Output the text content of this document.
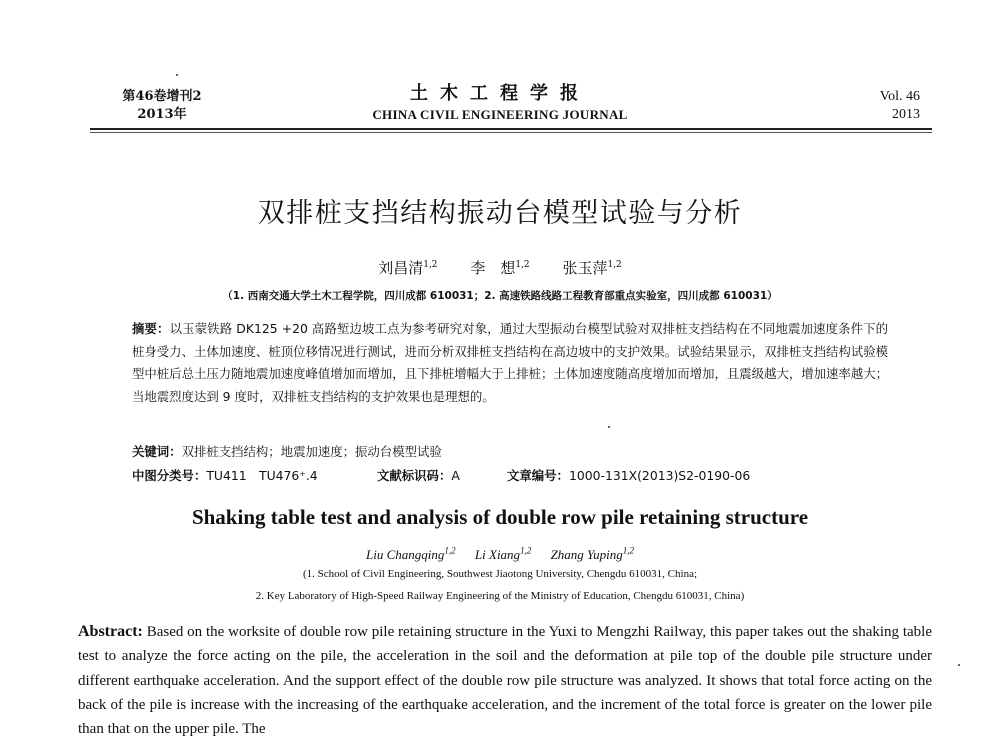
第46卷增刊2
2013年
土木工程学报
CHINA CIVIL ENGINEERING JOURNAL
Vol. 46
2013
双排桩支挡结构振动台模型试验与分析
刘昌清$^{1,2}$ 李　想$^{1,2}$ 张玉萍$^{1,2}$
（1. 西南交通大学土木工程学院，四川成都 610031；2. 高速铁路线路工程教育部重点实验室，四川成都 610031）
摘要：以玉蒙铁路 DK125 +20 高路堑边坡工点为参考研究对象，通过大型振动台模型试验对双排桩支挡结构在不同地震加速度条件下的桩身受力、土体加速度、桩顶位移情况进行测试，进而分析双排桩支挡结构在高边坡中的支护效果。试验结果显示，双排桩支挡结构试验模型中桩后总土压力随地震加速度峰值增加而增加，且下排桩增幅大于上排桩；土体加速度随高度增加而增加，且震级越大，增加速率越大；当地震烈度达到 9 度时，双排桩支挡结构的支护效果也是理想的。
关键词：双排桩支挡结构；地震加速度；振动台模型试验
中图分类号：TU411　TU476⁺.4	文献标识码：A	文章编号：1000-131X(2013)S2-0190-06
Shaking table test and analysis of double row pile retaining structure
Liu Changqing$^{1,2}$ Li Xiang$^{1,2}$ Zhang Yuping$^{1,2}$
(1. School of Civil Engineering, Southwest Jiaotong University, Chengdu 610031, China;
2. Key Laboratory of High-Speed Railway Engineering of the Ministry of Education, Chengdu 610031, China)
Abstract: Based on the worksite of double row pile retaining structure in the Yuxi to Mengzhi Railway, this paper takes out the shaking table test to analyze the force acting on the pile, the acceleration in the soil and the deformation at pile top of the double pile structure under different earthquake acceleration. And the support effect of the double row pile structure was analyzed. It shows that total force acting on the back of the pile is increase with the increasing of the earthquake acceleration, and the increment of the total force is greater on the lower pile than that on the upper pile. The
